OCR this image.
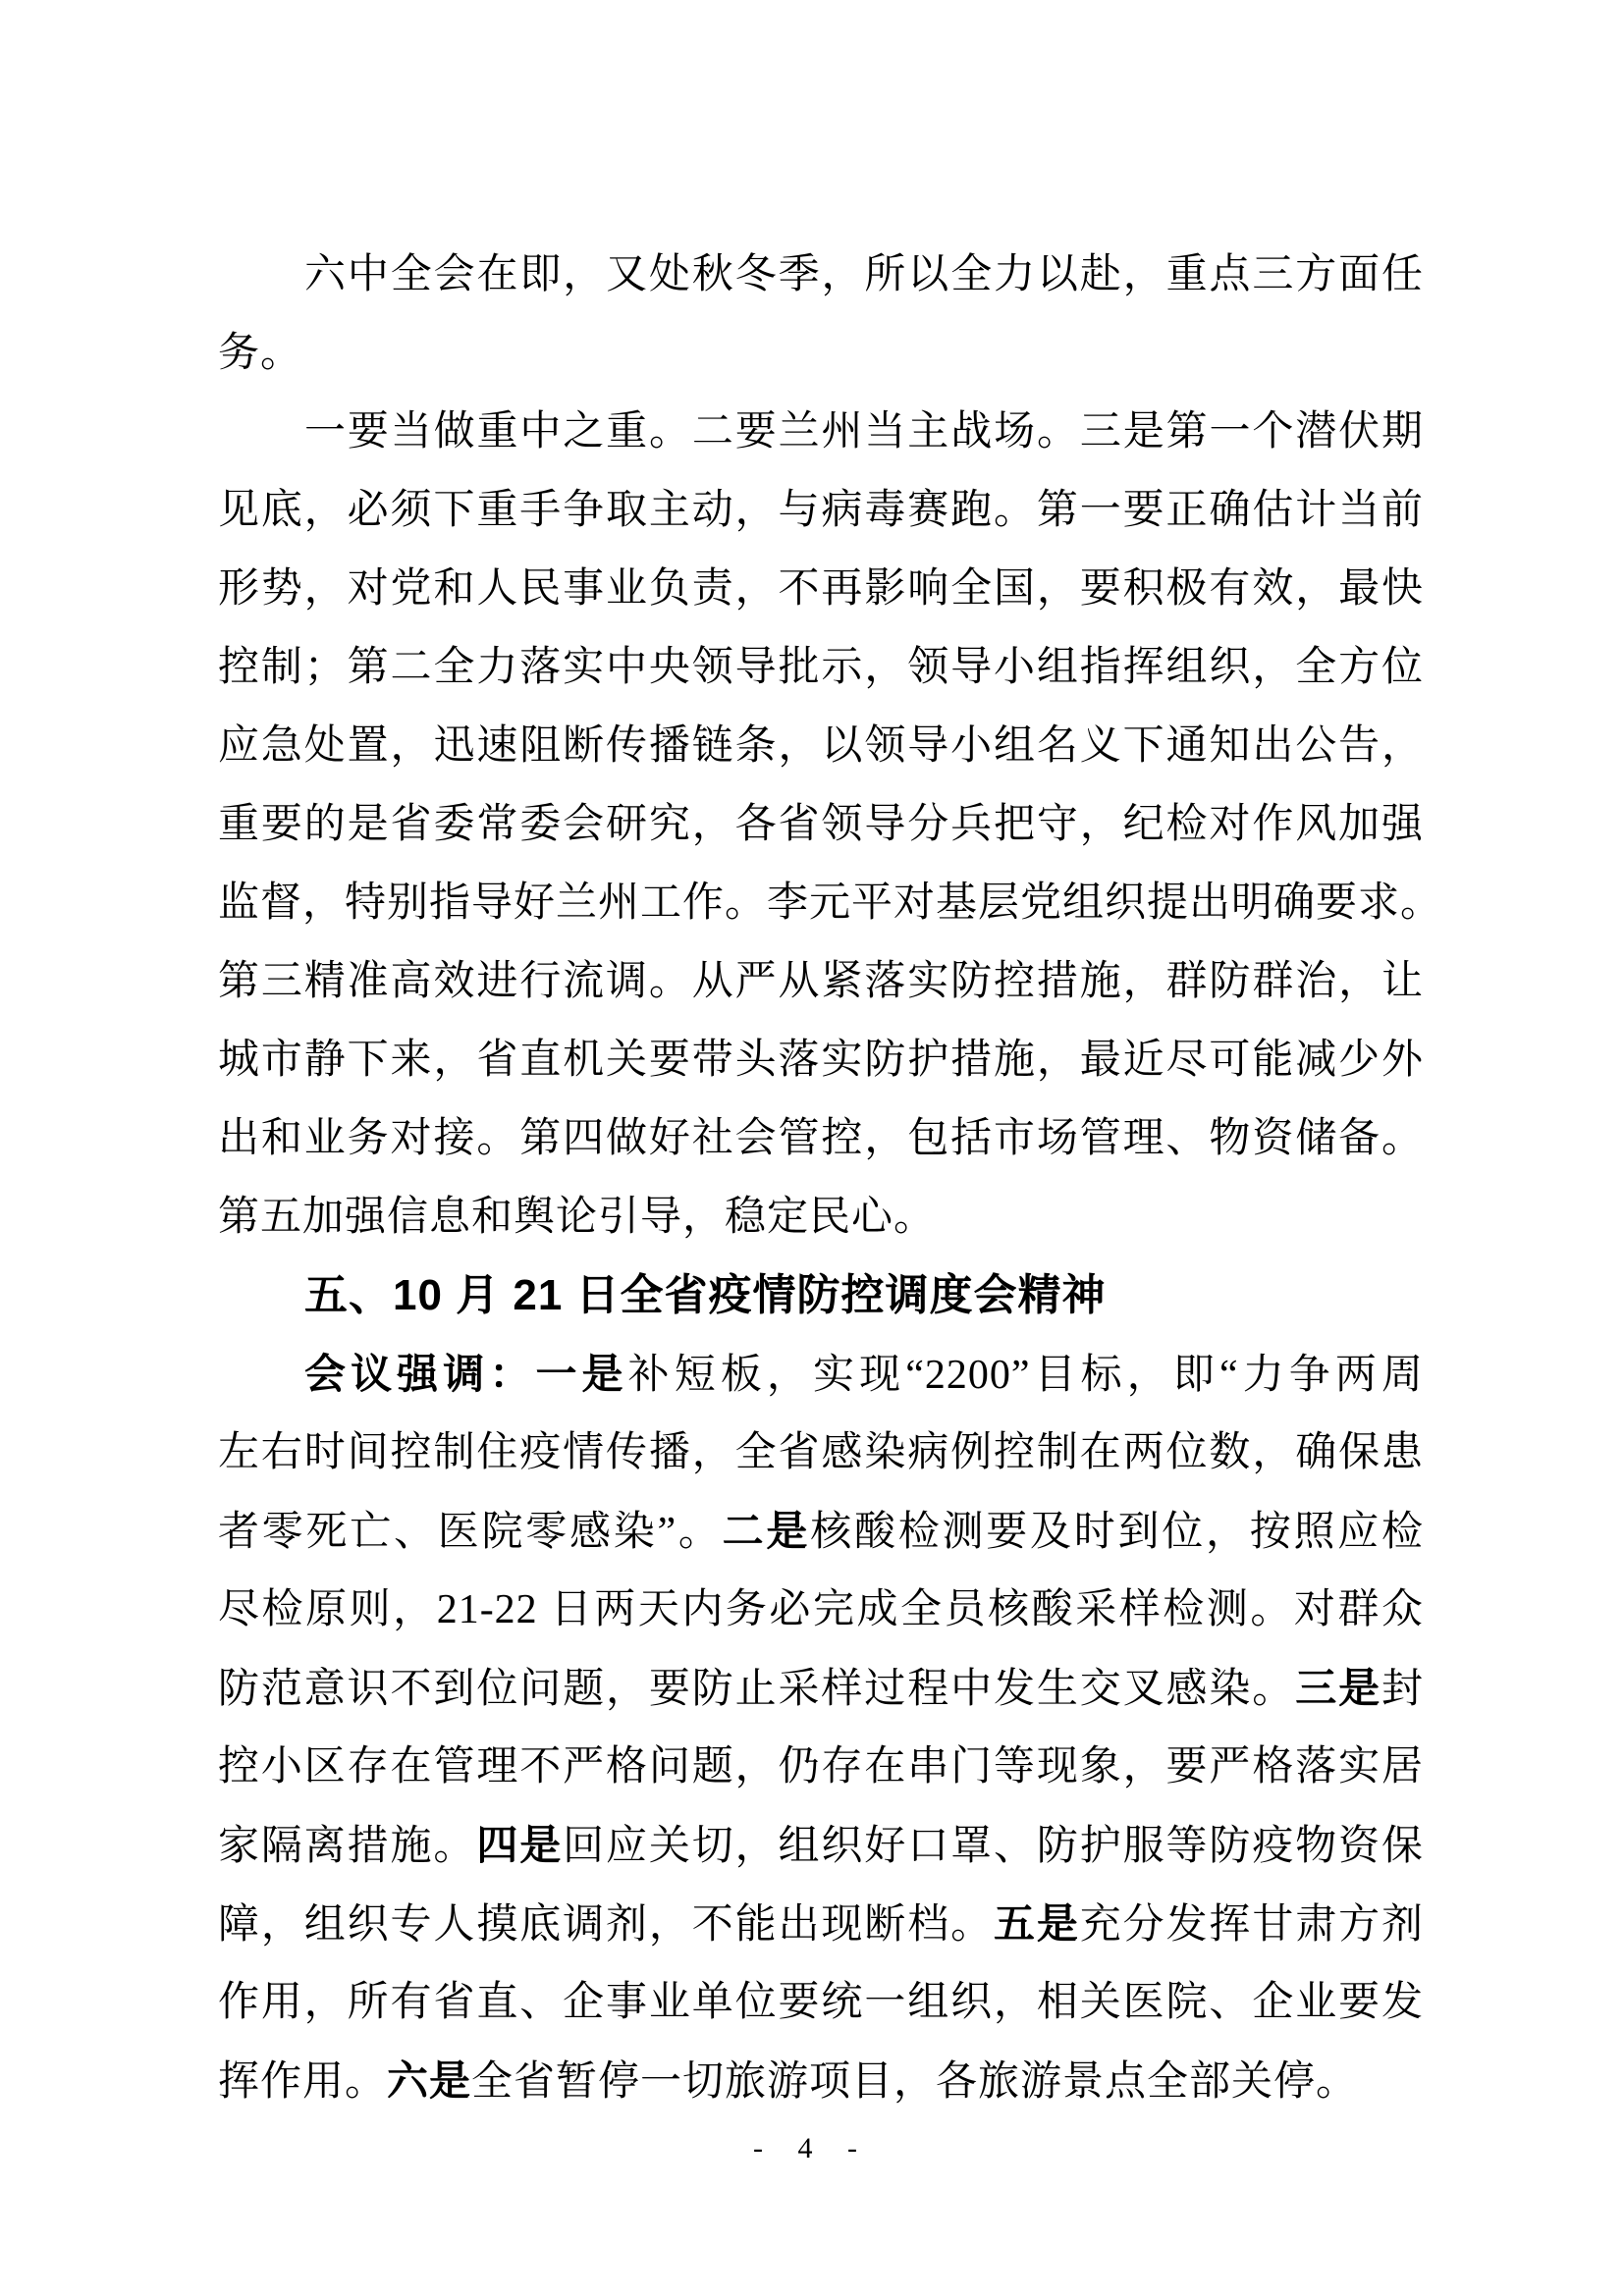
六中全会在即，又处秋冬季，所以全力以赴，重点三方面任
务。
一要当做重中之重。二要兰州当主战场。三是第一个潜伏期
见底，必须下重手争取主动，与病毒赛跑。第一要正确估计当前
形势，对党和人民事业负责，不再影响全国，要积极有效，最快
控制；第二全力落实中央领导批示，领导小组指挥组织，全方位
应急处置，迅速阻断传播链条，以领导小组名义下通知出公告，
重要的是省委常委会研究，各省领导分兵把守，纪检对作风加强
监督，特别指导好兰州工作。李元平对基层党组织提出明确要求。
第三精准高效进行流调。从严从紧落实防控措施，群防群治，让
城市静下来，省直机关要带头落实防护措施，最近尽可能减少外
出和业务对接。第四做好社会管控，包括市场管理、物资储备。
第五加强信息和舆论引导，稳定民心。
五、10 月 21 日全省疫情防控调度会精神
会议强调：一是补短板，实现“2200”目标，即“力争两周
左右时间控制住疫情传播，全省感染病例控制在两位数，确保患
者零死亡、医院零感染”。二是核酸检测要及时到位，按照应检
尽检原则，21-22 日两天内务必完成全员核酸采样检测。对群众
防范意识不到位问题，要防止采样过程中发生交叉感染。三是封
控小区存在管理不严格问题，仍存在串门等现象，要严格落实居
家隔离措施。四是回应关切，组织好口罩、防护服等防疫物资保
障，组织专人摸底调剂，不能出现断档。五是充分发挥甘肃方剂
作用，所有省直、企事业单位要统一组织，相关医院、企业要发
挥作用。六是全省暂停一切旅游项目，各旅游景点全部关停。
- 4 -
